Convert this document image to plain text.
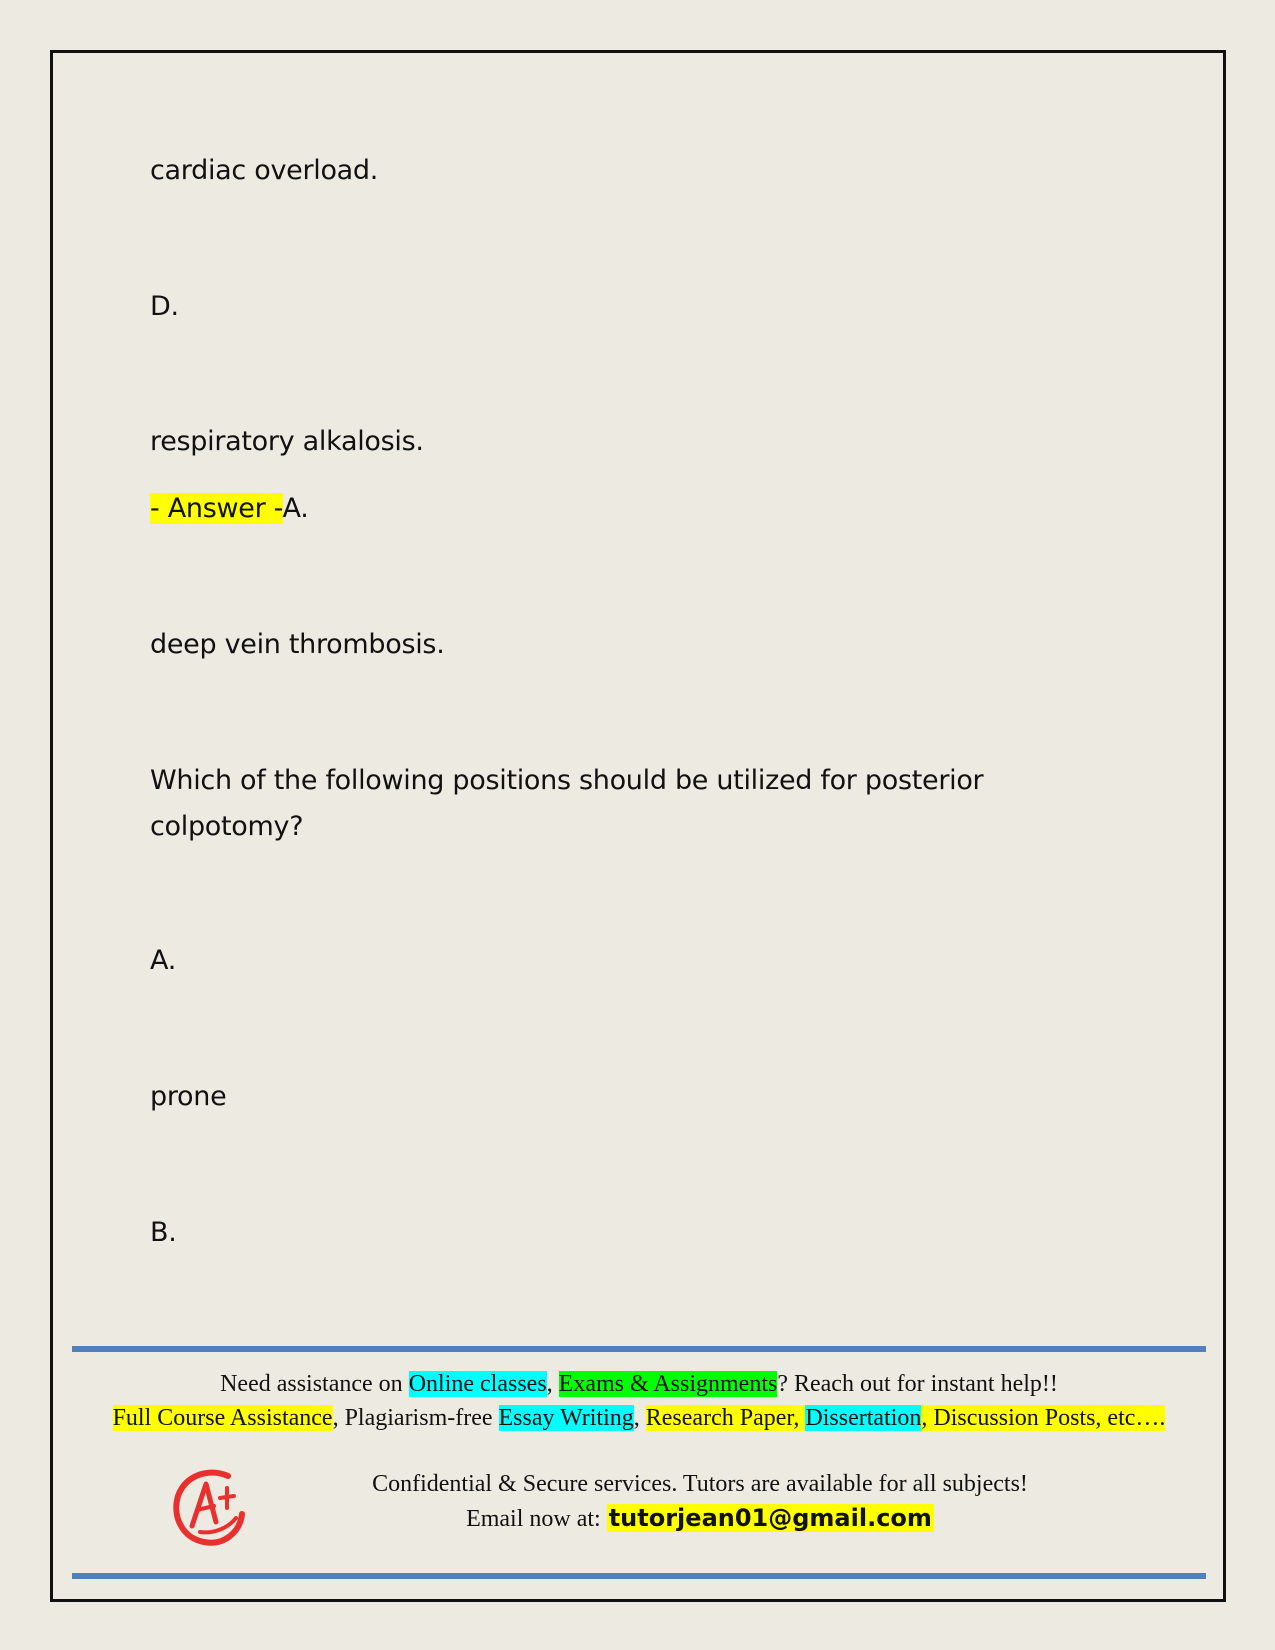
cardiac overload.
D.
respiratory alkalosis.
- Answer -A.
deep vein thrombosis.
Which of the following positions should be utilized for posterior colpotomy?
A.
prone
B.
Need assistance on Online classes, Exams & Assignments? Reach out for instant help!!
Full Course Assistance, Plagiarism-free Essay Writing, Research Paper, Dissertation, Discussion Posts, etc….
Confidential & Secure services. Tutors are available for all subjects!
Email now at: tutorjean01@gmail.com
